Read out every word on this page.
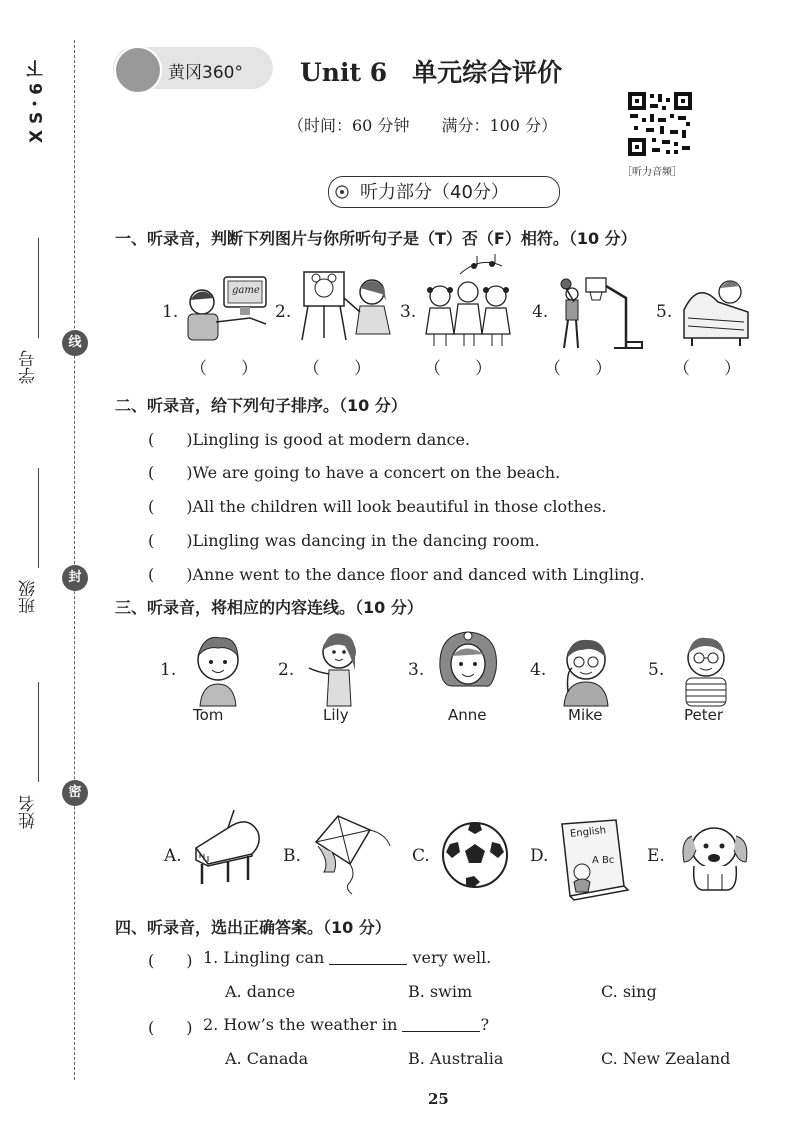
X S・6 下
学号
班级
姓名
线
封
密
黄冈360° Unit 6　单元综合评价
（时间：60 分钟　　满分：100 分）
［听力音频］
听力部分（40分）
一、听录音，判断下列图片与你所听句子是（T）否（F）相符。（10 分）
1.	2.	3.	4.	5.
game
（　　）	（　　）	（　　）	（　　）	（　　）
二、听录音，给下列句子排序。（10 分）
(　　)Lingling is good at modern dance.
(　　)We are going to have a concert on the beach.
(　　)All the children will look beautiful in those clothes.
(　　)Lingling was dancing in the dancing room.
(　　)Anne went to the dance floor and danced with Lingling.
三、听录音，将相应的内容连线。（10 分）
1.	2.	3.	4.	5.
Tom	Lily	Anne	Mike	Peter
A.	B.	C.	D.	E.
English
A Bc
四、听录音，选出正确答案。（10 分）
(　　) 1. Lingling can	very well.
A. dance	B. swim	C. sing
(　　) 2. How’s the weather in	?
A. Canada	B. Australia	C. New Zealand
25
